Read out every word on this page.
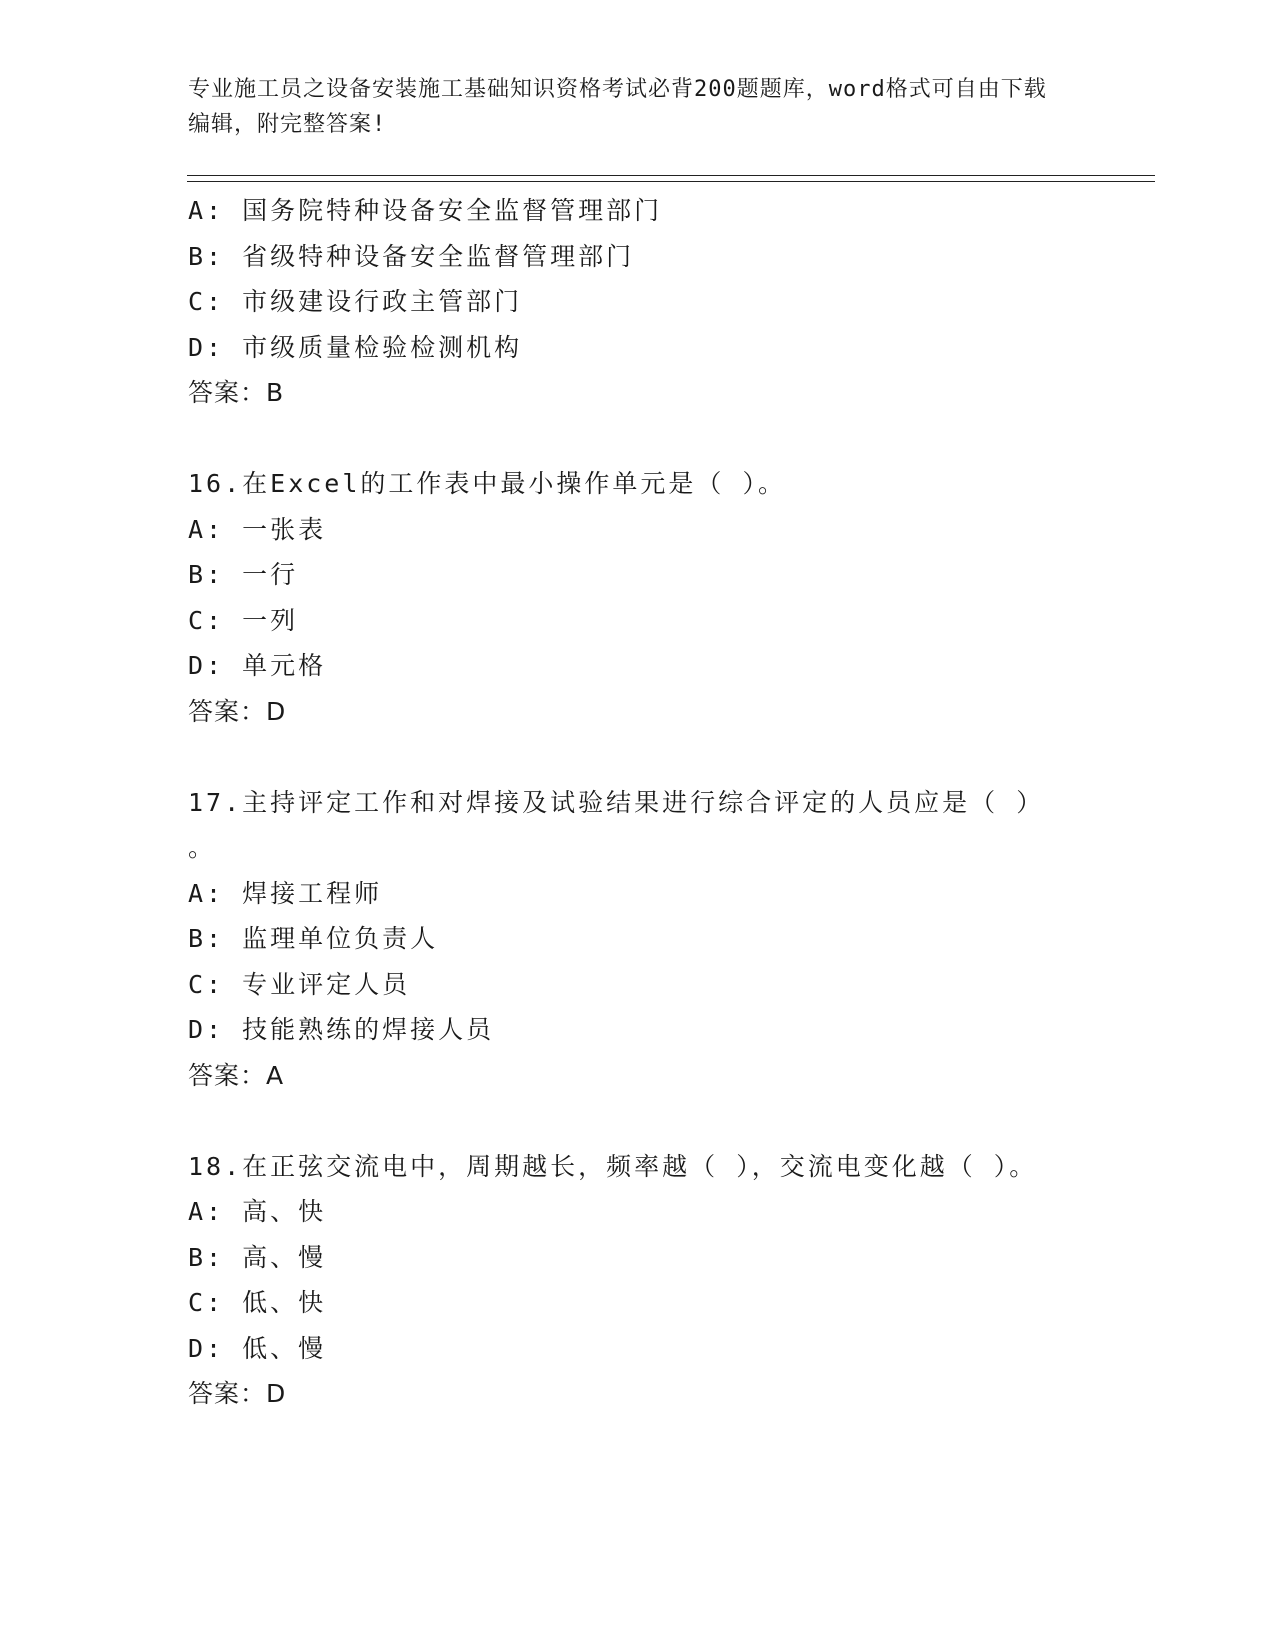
专业施工员之设备安装施工基础知识资格考试必背200题题库，word格式可自由下载编辑，附完整答案!
A: 国务院特种设备安全监督管理部门
B: 省级特种设备安全监督管理部门
C: 市级建设行政主管部门
D: 市级质量检验检测机构
答案：B
16.在Excel的工作表中最小操作单元是（ ）。
A: 一张表
B: 一行
C: 一列
D: 单元格
答案：D
17.主持评定工作和对焊接及试验结果进行综合评定的人员应是（ ）
。
A: 焊接工程师
B: 监理单位负责人
C: 专业评定人员
D: 技能熟练的焊接人员
答案：A
18.在正弦交流电中，周期越长，频率越（ ），交流电变化越（ ）。
A: 高、快
B: 高、慢
C: 低、快
D: 低、慢
答案：D
